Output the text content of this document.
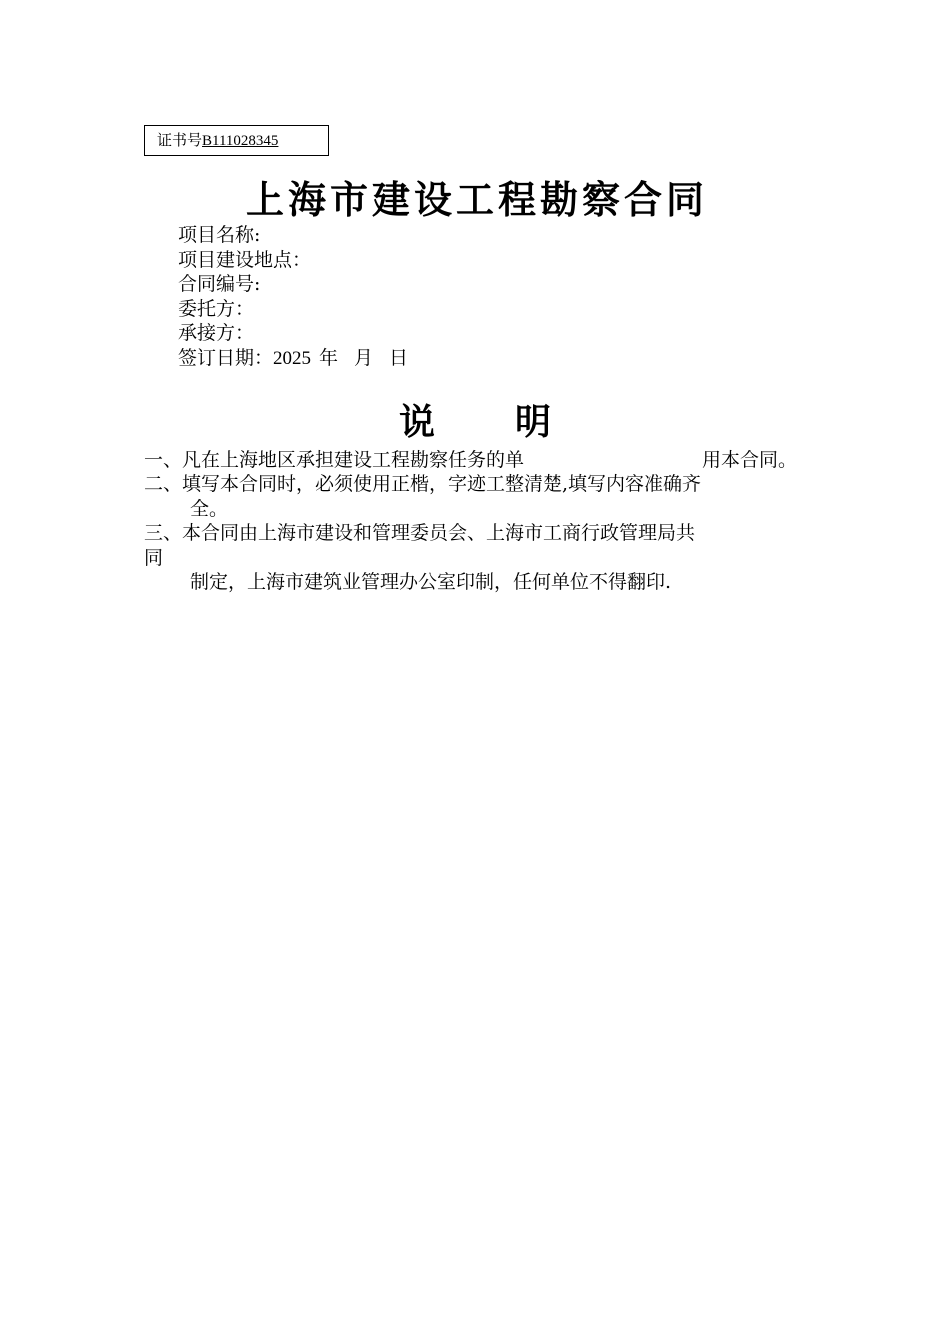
证书号B111028345
上海市建设工程勘察合同
项目名称:
项目建设地点：
合同编号:
委托方：
承接方：
签订日期：2025 年 月 日
说 明
一、凡在上海地区承担建设工程勘察任务的单	用本合同。
二、填写本合同时，必须使用正楷，字迹工整清楚,填写内容准确齐
全。
三、本合同由上海市建设和管理委员会、上海市工商行政管理局共
同
制定，上海市建筑业管理办公室印制，任何单位不得翻印.
